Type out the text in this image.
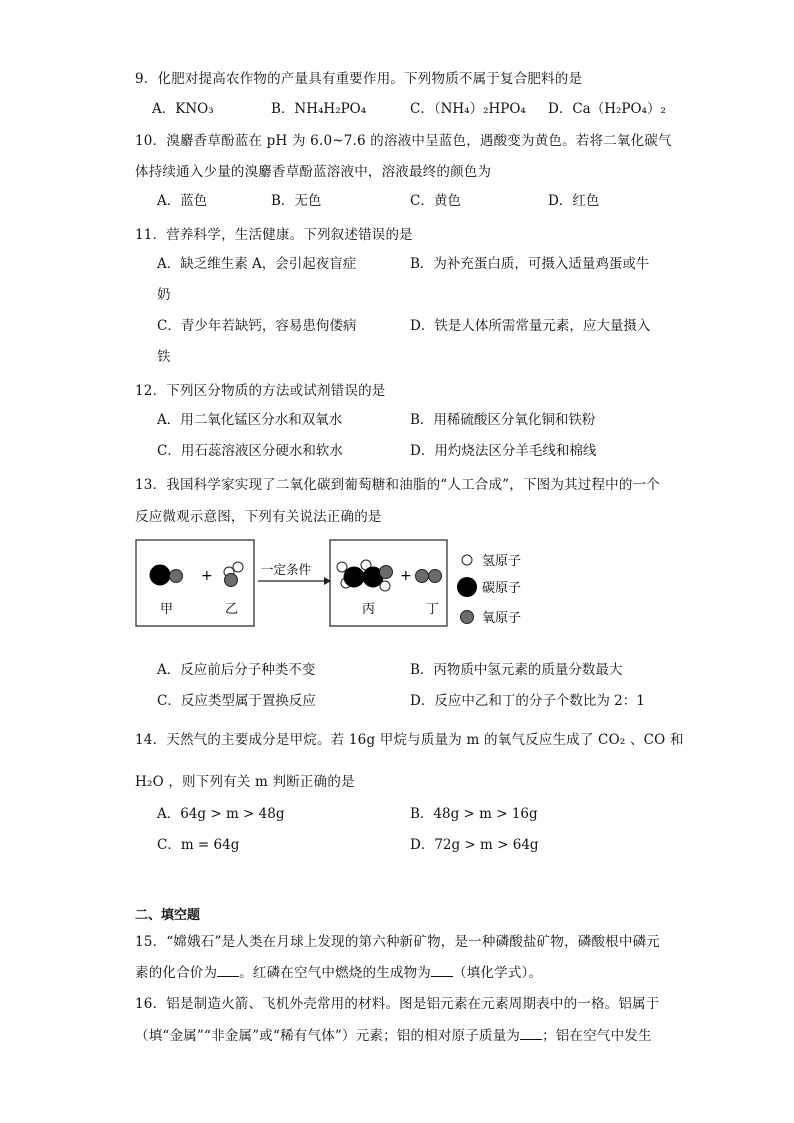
9．化肥对提高农作物的产量具有重要作用。下列物质不属于复合肥料的是
A．KNO₃	B．NH₄H₂PO₄	C．（NH₄）₂HPO₄ D．Ca（H₂PO₄）₂
10．溴麝香草酚蓝在 pH 为 6.0~7.6 的溶液中呈蓝色，遇酸变为黄色。若将二氧化碳气
体持续通入少量的溴麝香草酚蓝溶液中，溶液最终的颜色为
A．蓝色	B．无色	C．黄色	D．红色
11．营养科学，生活健康。下列叙述错误的是
A．缺乏维生素 A，会引起夜盲症	B．为补充蛋白质，可摄入适量鸡蛋或牛
奶
C．青少年若缺钙，容易患佝偻病	D．铁是人体所需常量元素，应大量摄入
铁
12．下列区分物质的方法或试剂错误的是
A．用二氧化锰区分水和双氧水	B．用稀硫酸区分氧化铜和铁粉
C．用石蕊溶液区分硬水和软水	D．用灼烧法区分羊毛线和棉线
13．我国科学家实现了二氧化碳到葡萄糖和油脂的“人工合成”，下图为其过程中的一个
反应微观示意图，下列有关说法正确的是
+
甲	乙
一定条件	+
丙	丁
氢原子
碳原子
氧原子
A．反应前后分子种类不变	B．丙物质中氢元素的质量分数最大
C．反应类型属于置换反应	D．反应中乙和丁的分子个数比为 2：1
14．天然气的主要成分是甲烷。若 16g 甲烷与质量为 m 的氧气反应生成了 CO₂ 、CO 和
H₂O ，则下列有关 m 判断正确的是
A．64g > m > 48g	B．48g > m > 16g
C．m = 64g	D．72g > m > 64g
二、填空题
15．“嫦娥石”是人类在月球上发现的第六种新矿物，是一种磷酸盐矿物，磷酸根中磷元
素的化合价为 。红磷在空气中燃烧的生成物为 （填化学式）。
16．铝是制造火箭、飞机外壳常用的材料。图是铝元素在元素周期表中的一格。铝属于
（填“金属”“非金属”或“稀有气体”）元素；铝的相对原子质量为 ；铝在空气中发生
